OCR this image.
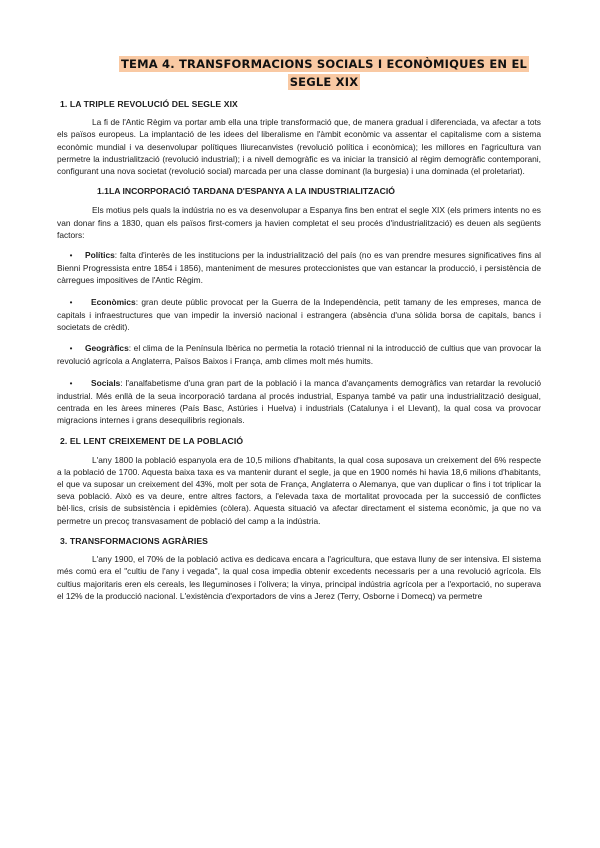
TEMA 4. TRANSFORMACIONS SOCIALS I ECONÒMIQUES EN EL SEGLE XIX
1. LA TRIPLE REVOLUCIÓ DEL SEGLE XIX

La fi de l'Antic Règim va portar amb ella una triple transformació que, de manera gradual i diferenciada, va afectar a tots els països europeus. La implantació de les idees del liberalisme en l'àmbit econòmic va assentar el capitalisme com a sistema econòmic mundial i va desenvolupar polítiques lliurecanvistes (revolució política i econòmica); les millores en l'agricultura van permetre la industrialització (revolució industrial); i a nivell demogràfic es va iniciar la transició al règim demogràfic contemporani, configurant una nova societat (revolució social) marcada per una classe dominant (la burgesia) i una dominada (el proletariat).

1.1LA INCORPORACIÓ TARDANA D'ESPANYA A LA INDUSTRIALITZACIÓ

Els motius pels quals la indústria no es va desenvolupar a Espanya fins ben entrat el segle XIX (els primers intents no es van donar fins a 1830, quan els països first-comers ja havien completat el seu procés d'industrialització) es deuen als següents factors:

• Polítics: falta d'interès de les institucions per la industrialització del país (no es van prendre mesures significatives fins al Bienni Progressista entre 1854 i 1856), manteniment de mesures proteccionistes que van estancar la producció, i persistència de càrregues impositives de l'Antic Règim.
• Econòmics: gran deute públic provocat per la Guerra de la Independència, petit tamany de les empreses, manca de capitals i infraestructures que van impedir la inversió nacional i estrangera (absència d'una sòlida borsa de capitals, bancs i societats de crèdit).
• Geogràfics: el clima de la Península Ibèrica no permetia la rotació triennal ni la introducció de cultius que van provocar la revolució agrícola a Anglaterra, Països Baixos i França, amb climes molt més humits.
• Socials: l'analfabetisme d'una gran part de la població i la manca d'avançaments demogràfics van retardar la revolució industrial. Més enllà de la seua incorporació tardana al procés industrial, Espanya també va patir una industrialització desigual, centrada en les àrees mineres (País Basc, Astúries i Huelva) i industrials (Catalunya i el Llevant), la qual cosa va provocar migracions internes i grans desequilibris regionals.
2. EL LENT CREIXEMENT DE LA POBLACIÓ

L'any 1800 la població espanyola era de 10,5 milions d'habitants, la qual cosa suposava un creixement del 6% respecte a la població de 1700. Aquesta baixa taxa es va mantenir durant el segle, ja que en 1900 només hi havia 18,6 milions d'habitants, el que va suposar un creixement del 43%, molt per sota de França, Anglaterra o Alemanya, que van duplicar o fins i tot triplicar la seva població. Això es va deure, entre altres factors, a l'elevada taxa de mortalitat provocada per la successió de conflictes bèl·lics, crisis de subsistència i epidèmies (còlera). Aquesta situació va afectar directament el sistema econòmic, ja que no va permetre un precoç transvasament de població del camp a la indústria.

3. TRANSFORMACIONS AGRÀRIES

L'any 1900, el 70% de la població activa es dedicava encara a l'agricultura, que estava lluny de ser intensiva. El sistema més comú era el "cultiu de l'any i vegada", la qual cosa impedia obtenir excedents necessaris per a una revolució agrícola. Els cultius majoritaris eren els cereals, les lleguminoses i l'olivera; la vinya, principal indústria agrícola per a l'exportació, no superava el 12% de la producció nacional. L'existència d'exportadors de vins a Jerez (Terry, Osborne i Domecq) va permetre
